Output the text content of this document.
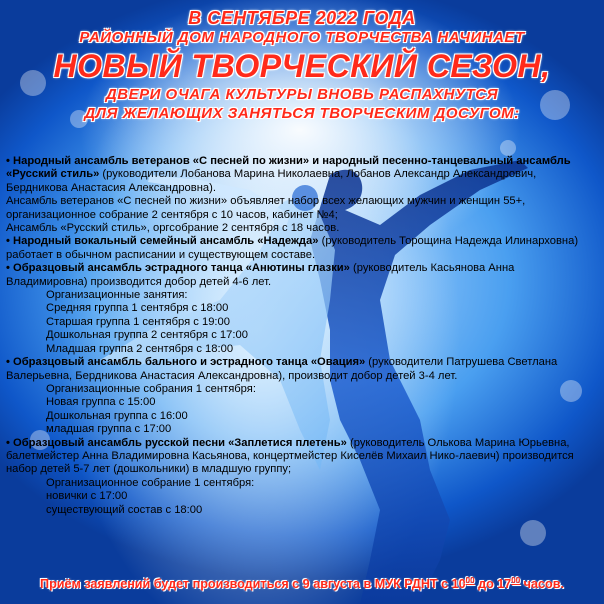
В СЕНТЯБРЕ 2022 ГОДА
РАЙОННЫЙ ДОМ НАРОДНОГО ТВОРЧЕСТВА НАЧИНАЕТ
НОВЫЙ ТВОРЧЕСКИЙ СЕЗОН,
ДВЕРИ ОЧАГА КУЛЬТУРЫ ВНОВЬ РАСПАХНУТСЯ
ДЛЯ ЖЕЛАЮЩИХ ЗАНЯТЬСЯ ТВОРЧЕСКИМ ДОСУГОМ:

• Народный ансамбль ветеранов «С песней по жизни» и народный песенно-танцевальный ансамбль «Русский стиль» (руководители Лобанова Марина Николаевна, Лобанов Александр Александрович, Бердникова Анастасия Александровна).

Ансамбль ветеранов «С песней по жизни» объявляет набор всех желающих мужчин и женщин 55+, организационное собрание 2 сентября с 10 часов, кабинет №4;

Ансамбль «Русский стиль», оргсобрание 2 сентября с 18 часов.

• Народный вокальный семейный ансамбль «Надежда» (руководитель Торощина Надежда Илинарховна) работает в обычном расписании и существующем составе.

• Образцовый ансамбль эстрадного танца «Анютины глазки» (руководитель Касьянова Анна Владимировна) производится добор детей 4-6 лет.

Организационные занятия:

Средняя группа 1 сентября с 18:00

Старшая группа 1 сентября с 19:00

Дошкольная группа 2 сентября с 17:00

Младшая группа 2 сентября с 18:00

• Образцовый ансамбль бального и эстрадного танца «Овация» (руководители Патрушева Светлана Валерьевна, Бердникова Анастасия Александровна), производит добор детей 3-4 лет.

Организационные собрания 1 сентября:

Новая группа с 15:00

Дошкольная группа с 16:00

младшая группа с 17:00

• Образцовый ансамбль русской песни «Заплетися плетень» (руководитель Олькова Марина Юрьевна, балетмейстер Анна Владимировна Касьянова, концертмейстер Киселёв Михаил Нико-лаевич) производится набор детей 5-7 лет (дошкольники) в младшую группу;

Организационное собрание 1 сентября:

новички с 17:00

существующий состав с 18:00

Приём заявлений будет производиться с 9 августа в МУК РДНТ с $10^{00}$ до $17^{00}$ часов.
